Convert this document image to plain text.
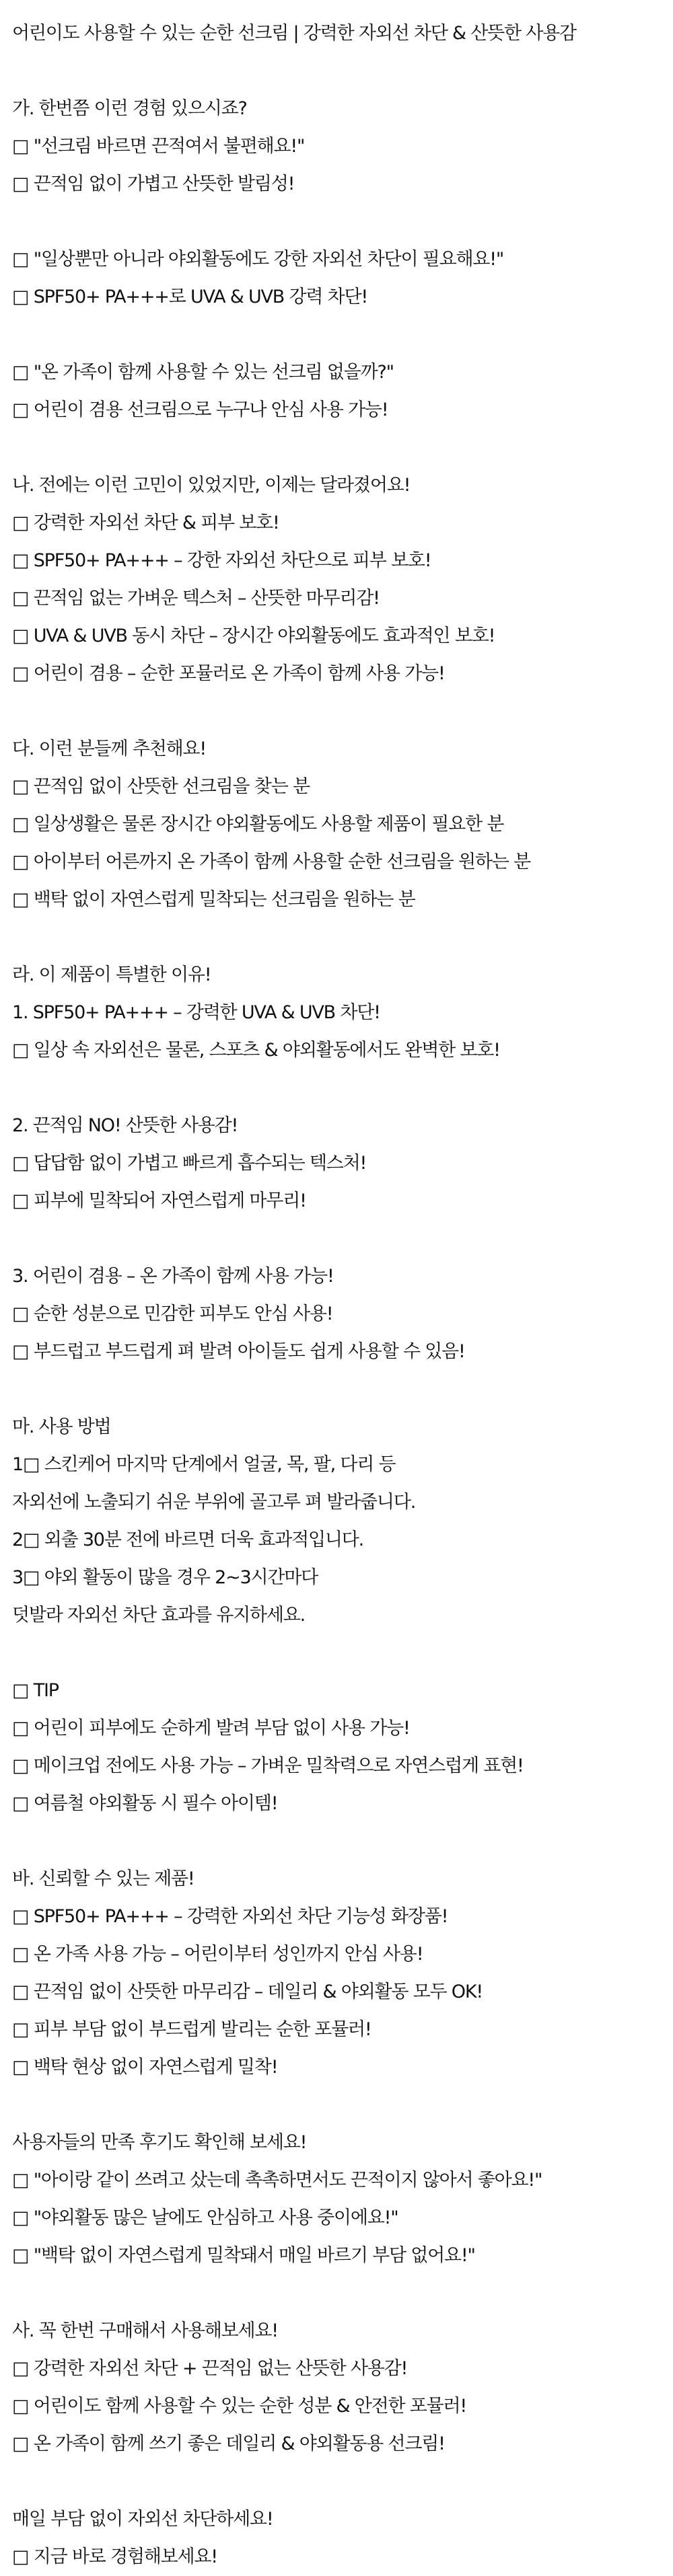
어린이도 사용할 수 있는 순한 선크림 | 강력한 자외선 차단 & 산뜻한 사용감
가. 한번쯤 이런 경험 있으시죠?
□ "선크림 바르면 끈적여서 불편해요!"
□ 끈적임 없이 가볍고 산뜻한 발림성!
□ "일상뿐만 아니라 야외활동에도 강한 자외선 차단이 필요해요!"
□ SPF50+ PA+++로 UVA & UVB 강력 차단!
□ "온 가족이 함께 사용할 수 있는 선크림 없을까?"
□ 어린이 겸용 선크림으로 누구나 안심 사용 가능!
나. 전에는 이런 고민이 있었지만, 이제는 달라졌어요!
□ 강력한 자외선 차단 & 피부 보호!
□ SPF50+ PA+++ – 강한 자외선 차단으로 피부 보호!
□ 끈적임 없는 가벼운 텍스처 – 산뜻한 마무리감!
□ UVA & UVB 동시 차단 – 장시간 야외활동에도 효과적인 보호!
□ 어린이 겸용 – 순한 포뮬러로 온 가족이 함께 사용 가능!
다. 이런 분들께 추천해요!
□ 끈적임 없이 산뜻한 선크림을 찾는 분
□ 일상생활은 물론 장시간 야외활동에도 사용할 제품이 필요한 분
□ 아이부터 어른까지 온 가족이 함께 사용할 순한 선크림을 원하는 분
□ 백탁 없이 자연스럽게 밀착되는 선크림을 원하는 분
라. 이 제품이 특별한 이유!
1. SPF50+ PA+++ – 강력한 UVA & UVB 차단!
□ 일상 속 자외선은 물론, 스포츠 & 야외활동에서도 완벽한 보호!
2. 끈적임 NO! 산뜻한 사용감!
□ 답답함 없이 가볍고 빠르게 흡수되는 텍스처!
□ 피부에 밀착되어 자연스럽게 마무리!
3. 어린이 겸용 – 온 가족이 함께 사용 가능!
□ 순한 성분으로 민감한 피부도 안심 사용!
□ 부드럽고 부드럽게 펴 발려 아이들도 쉽게 사용할 수 있음!
마. 사용 방법
1□ 스킨케어 마지막 단계에서 얼굴, 목, 팔, 다리 등
자외선에 노출되기 쉬운 부위에 골고루 펴 발라줍니다.
2□ 외출 30분 전에 바르면 더욱 효과적입니다.
3□ 야외 활동이 많을 경우 2~3시간마다
덧발라 자외선 차단 효과를 유지하세요.
□ TIP
□ 어린이 피부에도 순하게 발려 부담 없이 사용 가능!
□ 메이크업 전에도 사용 가능 – 가벼운 밀착력으로 자연스럽게 표현!
□ 여름철 야외활동 시 필수 아이템!
바. 신뢰할 수 있는 제품!
□ SPF50+ PA+++ – 강력한 자외선 차단 기능성 화장품!
□ 온 가족 사용 가능 – 어린이부터 성인까지 안심 사용!
□ 끈적임 없이 산뜻한 마무리감 – 데일리 & 야외활동 모두 OK!
□ 피부 부담 없이 부드럽게 발리는 순한 포뮬러!
□ 백탁 현상 없이 자연스럽게 밀착!
사용자들의 만족 후기도 확인해 보세요!
□ "아이랑 같이 쓰려고 샀는데 촉촉하면서도 끈적이지 않아서 좋아요!"
□ "야외활동 많은 날에도 안심하고 사용 중이에요!"
□ "백탁 없이 자연스럽게 밀착돼서 매일 바르기 부담 없어요!"
사. 꼭 한번 구매해서 사용해보세요!
□ 강력한 자외선 차단 + 끈적임 없는 산뜻한 사용감!
□ 어린이도 함께 사용할 수 있는 순한 성분 & 안전한 포뮬러!
□ 온 가족이 함께 쓰기 좋은 데일리 & 야외활동용 선크림!
매일 부담 없이 자외선 차단하세요!
□ 지금 바로 경험해보세요!
